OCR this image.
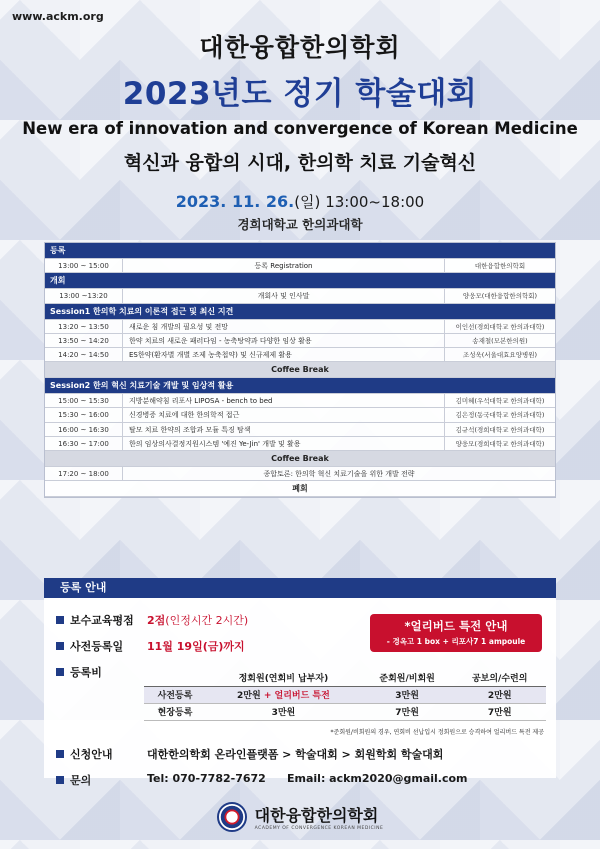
www.ackm.org
대한융합한의학회
2023년도 정기 학술대회
New era of innovation and convergence of Korean Medicine
혁신과 융합의 시대, 한의학 치료 기술혁신
2023. 11. 26.(일) 13:00~18:00
경희대학교 한의과대학
등록
13:00 ~ 15:00	등록 Registration	대한융합한의학회
개회
13:00 ~13:20	개회사 및 인사말	양웅모(대한융합한의학회)
Session1 한의학 치료의 이론적 접근 및 최신 지견
13:20 ~ 13:50	새로운 침 개발의 필요성 및 전망	이인선(경희대학교 한의과대학)
13:50 ~ 14:20	한약 치료의 새로운 패러다임 - 농축탕약과 다양한 임상 활용	송재철(모본한의원)
14:20 ~ 14:50	ES한약(환자별 개별 조제 농축첩약) 및 신규제제 활용	조성욱(서울대효요양병원)
Coffee Break
Session2 한의 혁신 치료기술 개발 및 임상적 활용
15:00 ~ 15:30	지방분해약침 리포사 LIPOSA - bench to bed	김미혜(우석대학교 한의과대학)
15:30 ~ 16:00	신경병증 치료에 대한 한의학적 접근	김은정(동국대학교 한의과대학)
16:00 ~ 16:30	탈모 치료 한약의 조합과 모듈 특징 탐색	김규석(경희대학교 한의과대학)
16:30 ~ 17:00	한의 임상의사결정지원시스템 '예진 Ye-Jin' 개발 및 활용	양웅모(경희대학교 한의과대학)
Coffee Break
17:20 ~ 18:00	종합토론: 한의학 혁신 치료기술을 위한 개발 전략
폐회
등록 안내
보수교육평점 2점(인정시간 2시간)
사전등록일 11월 19일(금)까지
*얼리버드 특전 안내
- 경옥고 1 box + 리포사7 1 ampoule
등록비
		정회원(연회비 납부자)	준회원/비회원	공보의/수련의
사전등록	2만원 + 얼리버드 특전	3만원	2만원
현장등록	3만원	7만원	7만원
*준회원/비회원의 경우, 연회비 선납입시 정회원으로 승격하여 얼리버드 특전 제공
신청안내	대한한의학회 온라인플랫폼 > 학술대회 > 회원학회 학술대회
문의	Tel: 070-7782-7672 Email: ackm2020@gmail.com
대한융합한의학회
ACADEMY OF CONVERGENCE KOREAN MEDICINE
